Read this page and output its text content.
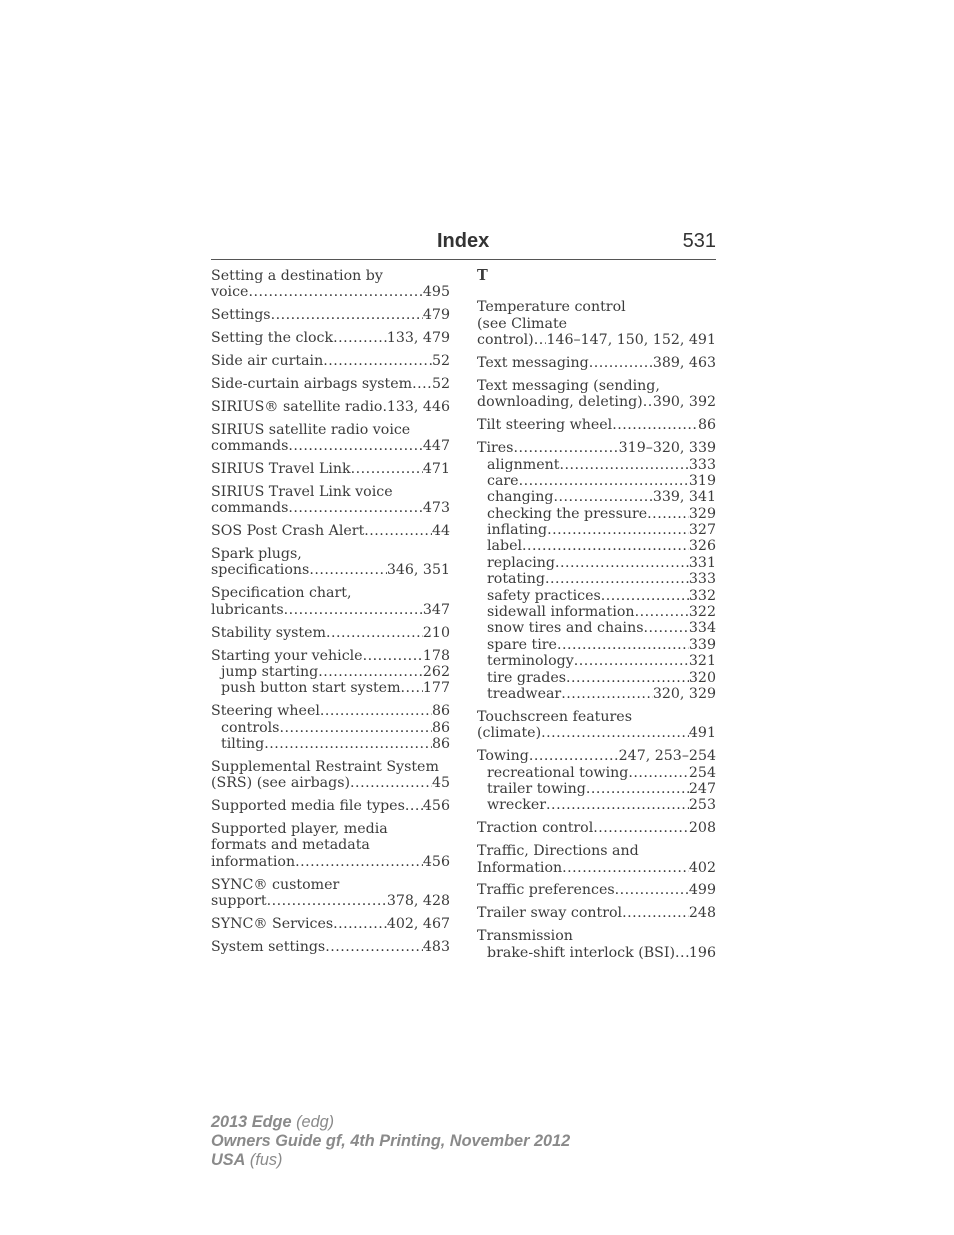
Index	531
Setting a destination by
voice .....	495
Settings .....	479
Setting the clock .....	133, 479
Side air curtain .....	52
Side-curtain airbags system ..... 52
SIRIUS® satellite radio ..... 133, 446
SIRIUS satellite radio voice
commands .....	447
SIRIUS Travel Link .....	471
SIRIUS Travel Link voice
commands .....	473
SOS Post Crash Alert .....	44
Spark plugs,
specifications .....	346, 351
Specification chart,
lubricants .....	347
Stability system .....	210
Starting your vehicle .....	178
jump starting .....	262
push button start system ..... 177
Steering wheel .....	86
controls .....	86
tilting .....	86
Supplemental Restraint System
(SRS) (see airbags) .....	45
Supported media file types ..... 456
Supported player, media
formats and metadata
information .....	456
SYNC® customer
support .....	378, 428
SYNC® Services .....	402, 467
System settings .....	483
T
Temperature control
(see Climate
control) ..... 146–147, 150, 152, 491
Text messaging .....	389, 463
Text messaging (sending,
downloading, deleting) ..... 390, 392
Tilt steering wheel .....	86
Tires .....	319–320, 339
alignment .....	333
care .....	319
changing .....	339, 341
checking the pressure .....	329
inflating .....	327
label .....	326
replacing .....	331
rotating .....	333
safety practices .....	332
sidewall information .....	322
snow tires and chains .....	334
spare tire .....	339
terminology .....	321
tire grades .....	320
treadwear .....	320, 329
Touchscreen features
(climate) .....	491
Towing .....	247, 253–254
recreational towing .....	254
trailer towing .....	247
wrecker .....	253
Traction control .....	208
Traffic, Directions and
Information .....	402
Traffic preferences .....	499
Trailer sway control .....	248
Transmission
brake-shift interlock (BSI) ..... 196
2013 Edge (edg)
Owners Guide gf, 4th Printing, November 2012
USA (fus)
